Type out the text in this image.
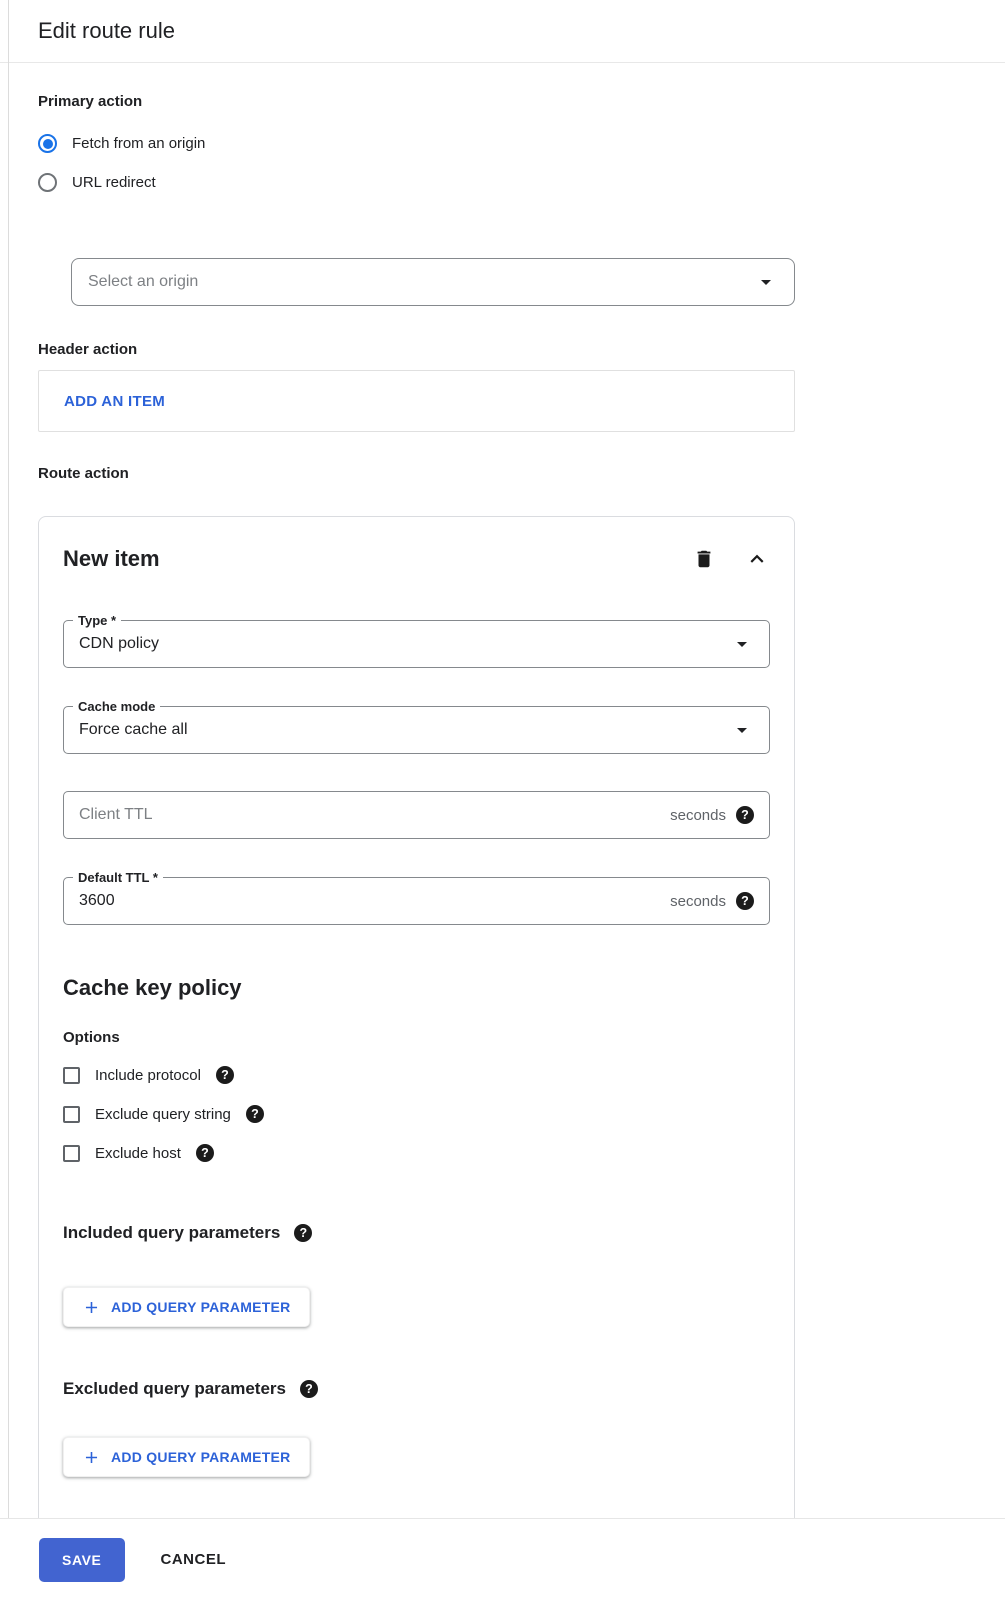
Edit route rule
Primary action
Fetch from an origin
URL redirect
Select an origin
Header action
ADD AN ITEM
Route action
New item
Type *
CDN policy
Cache mode
Force cache all
Client TTL
seconds
?
Default TTL *
3600
seconds
?
Cache key policy
Options
Include protocol
?
Exclude query string
?
Exclude host
?
Included query parameters
?
ADD QUERY PARAMETER
Excluded query parameters
?
ADD QUERY PARAMETER
SAVE	CANCEL
